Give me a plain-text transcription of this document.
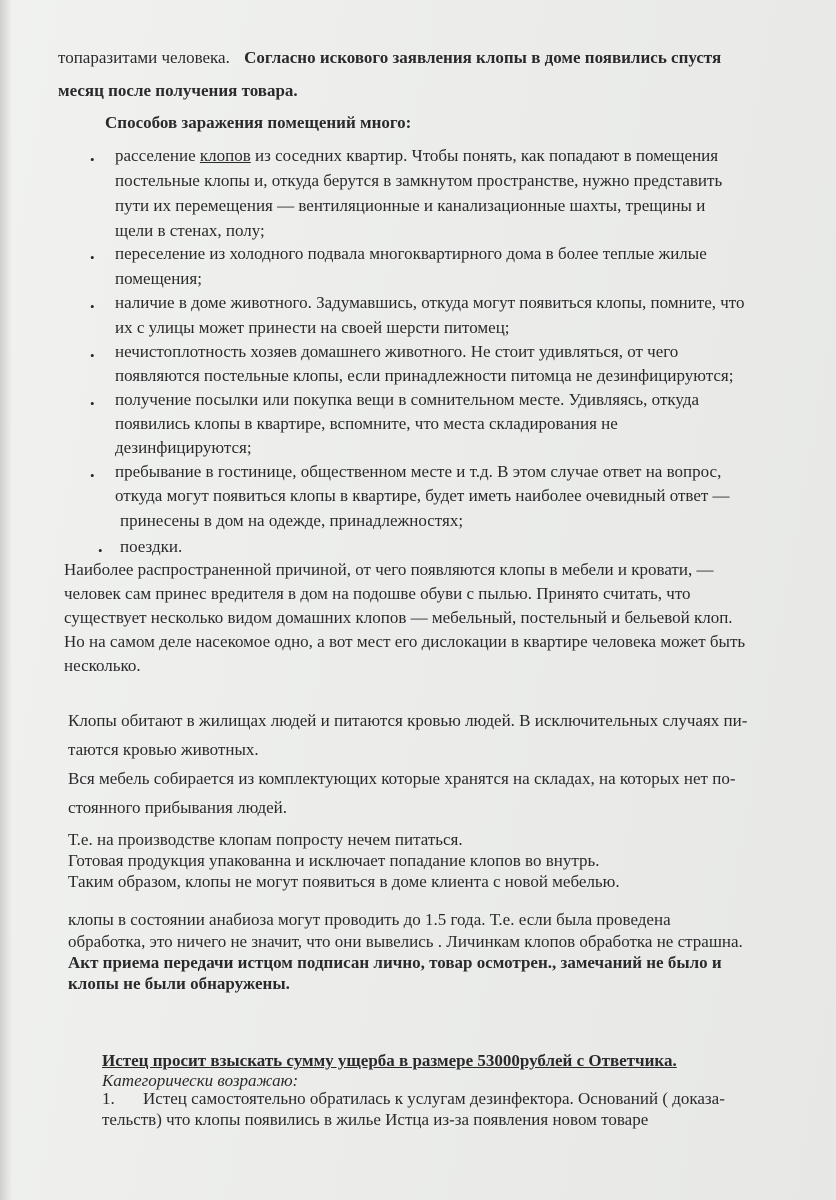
топаразитами человека. Согласно искового заявления клопы в доме появились спустя
месяц после получения товара.
Способов заражения помещений много:
• расселение клопов из соседних квартир. Чтобы понять, как попадают в помещения
постельные клопы и, откуда берутся в замкнутом пространстве, нужно представить
пути их перемещения — вентиляционные и канализационные шахты, трещины и
щели в стенах, полу;
• переселение из холодного подвала многоквартирного дома в более теплые жилые
помещения;
• наличие в доме животного. Задумавшись, откуда могут появиться клопы, помните, что
их с улицы может принести на своей шерсти питомец;
• нечистоплотность хозяев домашнего животного. Не стоит удивляться, от чего
появляются постельные клопы, если принадлежности питомца не дезинфицируются;
• получение посылки или покупка вещи в сомнительном месте. Удивляясь, откуда
появились клопы в квартире, вспомните, что места складирования не
дезинфицируются;
• пребывание в гостинице, общественном месте и т.д. В этом случае ответ на вопрос,
откуда могут появиться клопы в квартире, будет иметь наиболее очевидный ответ —
принесены в дом на одежде, принадлежностях;
• поездки.
Наиболее распространенной причиной, от чего появляются клопы в мебели и кровати, —
человек сам принес вредителя в дом на подошве обуви с пылью. Принято считать, что
существует несколько видом домашних клопов — мебельный, постельный и бельевой клоп.
Но на самом деле насекомое одно, а вот мест его дислокации в квартире человека может быть
несколько.
Клопы обитают в жилищах людей и питаются кровью людей. В исключительных случаях пи-
таются кровью животных.
Вся мебель собирается из комплектующих которые хранятся на складах, на которых нет по-
стоянного прибывания людей.
Т.е. на производстве клопам попросту нечем питаться.
Готовая продукция упакованна и исключает попадание клопов во внутрь.
Таким образом, клопы не могут появиться в доме клиента с новой мебелью.
клопы в состоянии анабиоза могут проводить до 1.5 года. Т.е. если была проведена
обработка, это ничего не значит, что они вывелись . Личинкам клопов обработка не страшна.
Акт приема передачи истцом подписан лично, товар осмотрен., замечаний не было и
клопы не были обнаружены.
Истец просит взыскать сумму ущерба в размере 53000рублей с Ответчика.
Категорически возражаю:
1. Истец самостоятельно обратилась к услугам дезинфектора. Оснований ( доказа-
тельств) что клопы появились в жилье Истца из-за появления новом товаре
